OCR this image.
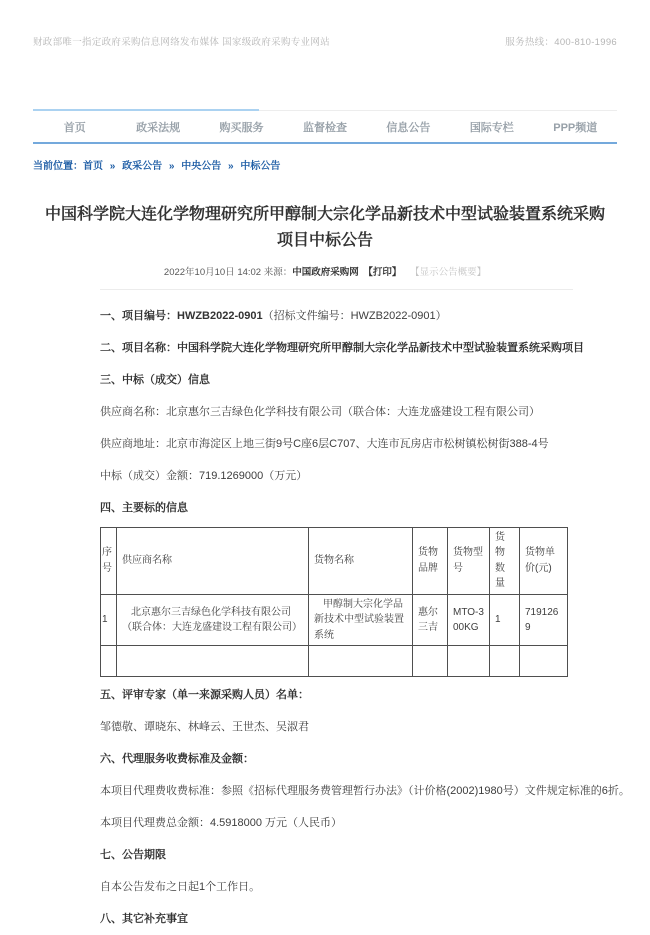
财政部唯一指定政府采购信息网络发布媒体 国家级政府采购专业网站	服务热线：400-810-1996
首页	政采法规	购买服务	监督检查	信息公告	国际专栏	PPP频道
当前位置：首页 » 政采公告 » 中央公告 » 中标公告
中国科学院大连化学物理研究所甲醇制大宗化学品新技术中型试验装置系统采购项目中标公告
2022年10月10日 14:02 来源：中国政府采购网 【打印】 【显示公告概要】

一、项目编号：HWZB2022-0901（招标文件编号：HWZB2022-0901）

二、项目名称：中国科学院大连化学物理研究所甲醇制大宗化学品新技术中型试验装置系统采购项目

三、中标（成交）信息

供应商名称：北京惠尔三吉绿色化学科技有限公司（联合体：大连龙盛建设工程有限公司）

供应商地址：北京市海淀区上地三街9号C座6层C707、大连市瓦房店市松树镇松树街388-4号

中标（成交）金额：719.1269000（万元）

四、主要标的信息

序号	供应商名称	货物名称	货物品牌	货物型号	货物数量	货物单价(元)
1	北京惠尔三吉绿色化学科技有限公司（联合体：大连龙盛建设工程有限公司）	甲醇制大宗化学品新技术中型试验装置系统	惠尔三吉	MTO-300KG	1	7191269

五、评审专家（单一来源采购人员）名单：

邹德敬、谭晓东、林峰云、王世杰、吴淑君

六、代理服务收费标准及金额：

本项目代理费收费标准：参照《招标代理服务费管理暂行办法》（计价格(2002)1980号）文件规定标准的6折。

本项目代理费总金额：4.5918000 万元（人民币）

七、公告期限

自本公告发布之日起1个工作日。

八、其它补充事宜
